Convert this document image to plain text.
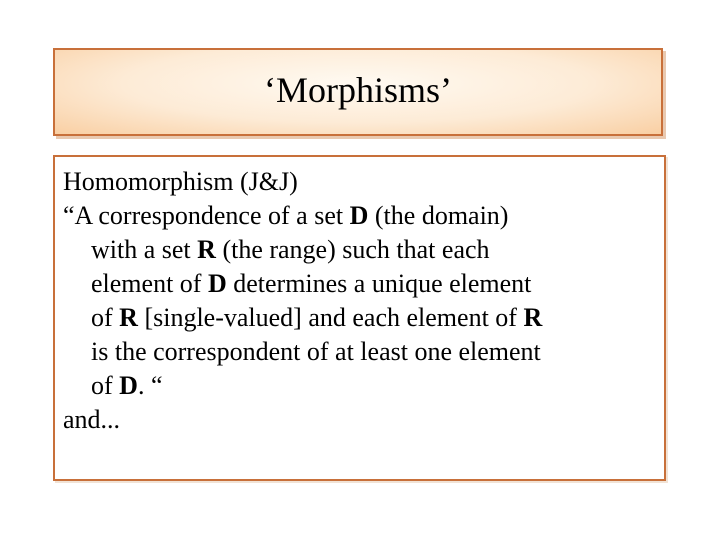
‘Morphisms’
Homomorphism (J&J)
“A correspondence of a set D (the domain)
with a set R (the range) such that each
element of D determines a unique element
of R [single-valued] and each element of R
is the correspondent of at least one element
of D. “
and...
